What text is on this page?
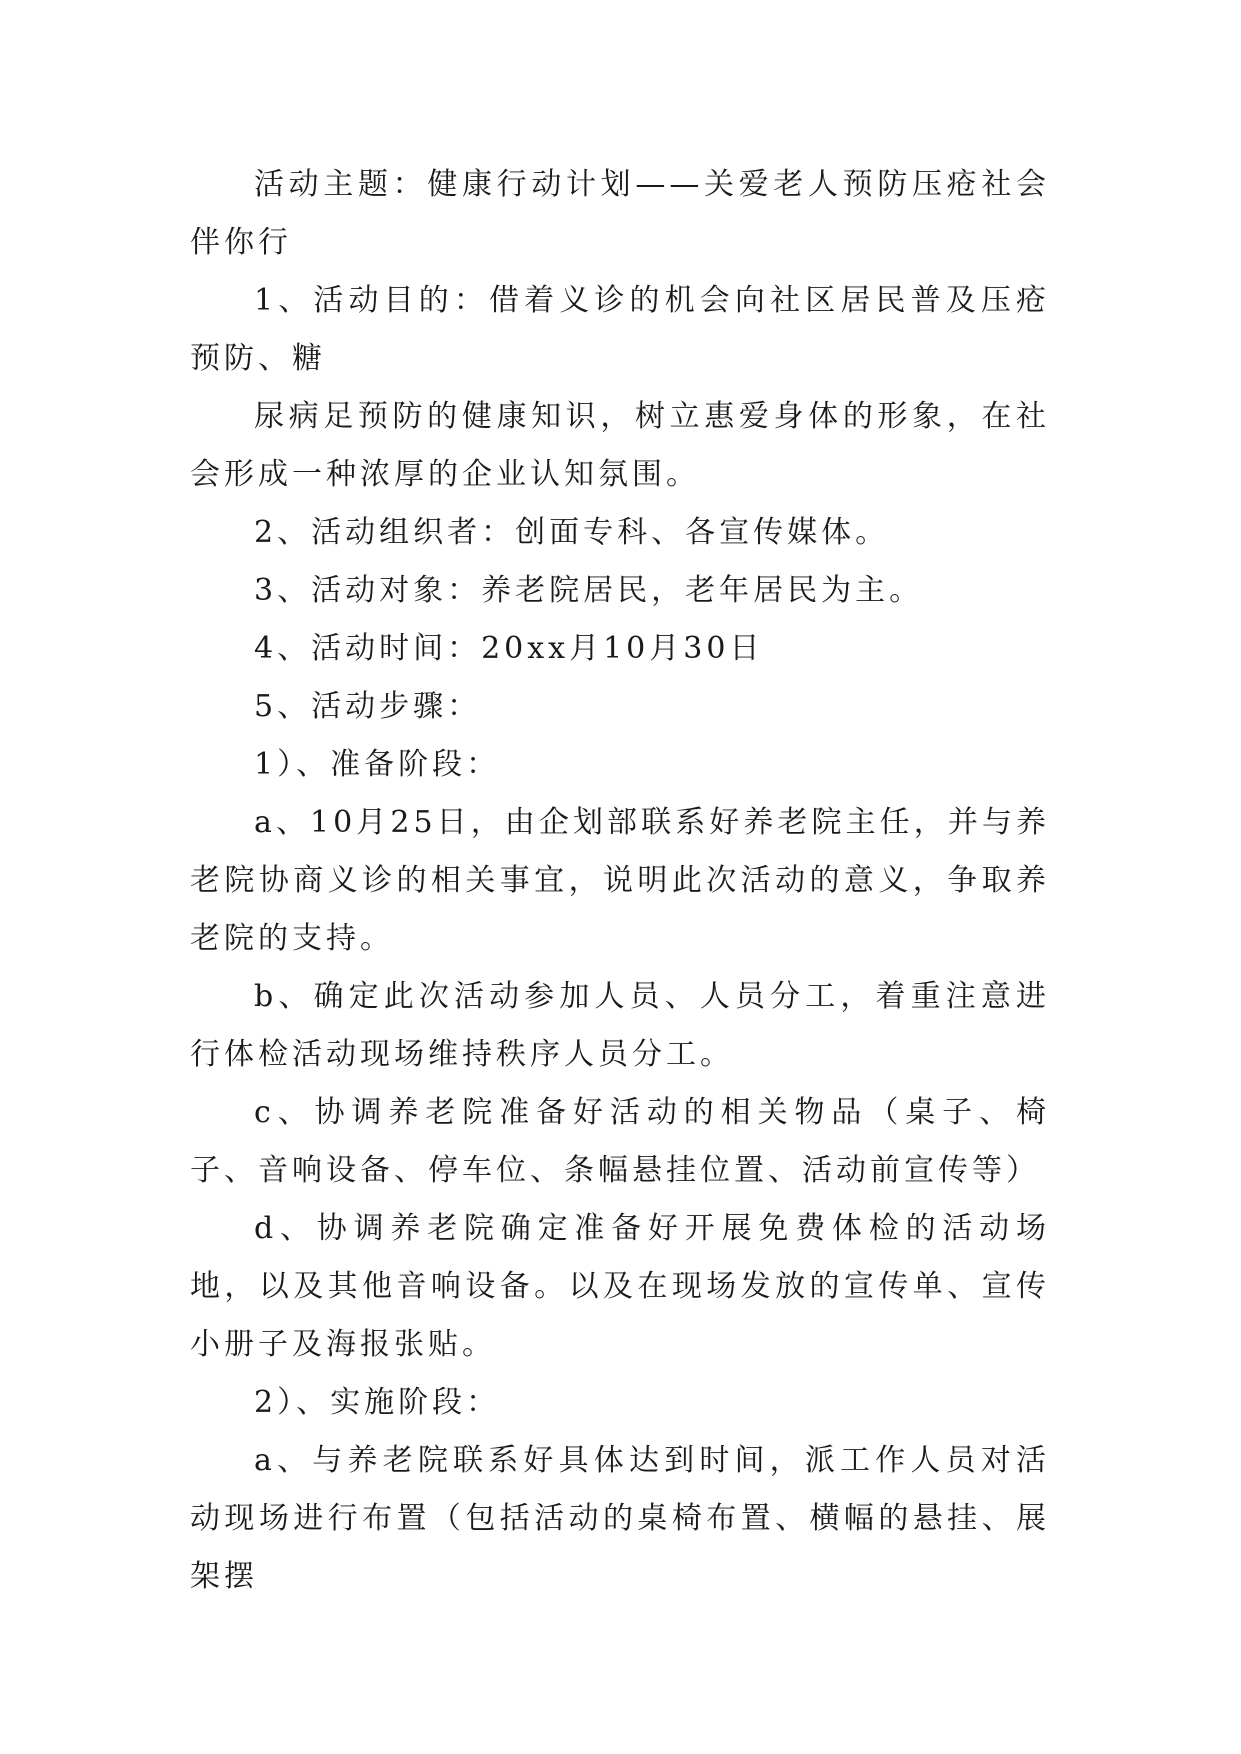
活动主题：健康行动计划——关爱老人预防压疮社会伴你行

1、活动目的：借着义诊的机会向社区居民普及压疮预防、糖

尿病足预防的健康知识，树立惠爱身体的形象，在社会形成一种浓厚的企业认知氛围。

2、活动组织者：创面专科、各宣传媒体。

3、活动对象：养老院居民，老年居民为主。

4、活动时间：20xx月10月30日

5、活动步骤：

1）、准备阶段：

a、10月25日，由企划部联系好养老院主任，并与养老院协商义诊的相关事宜，说明此次活动的意义，争取养老院的支持。

b、确定此次活动参加人员、人员分工，着重注意进行体检活动现场维持秩序人员分工。

c、协调养老院准备好活动的相关物品（桌子、椅子、音响设备、停车位、条幅悬挂位置、活动前宣传等）

d、协调养老院确定准备好开展免费体检的活动场地，以及其他音响设备。以及在现场发放的宣传单、宣传小册子及海报张贴。

2）、实施阶段：

a、与养老院联系好具体达到时间，派工作人员对活动现场进行布置（包括活动的桌椅布置、横幅的悬挂、展架摆
